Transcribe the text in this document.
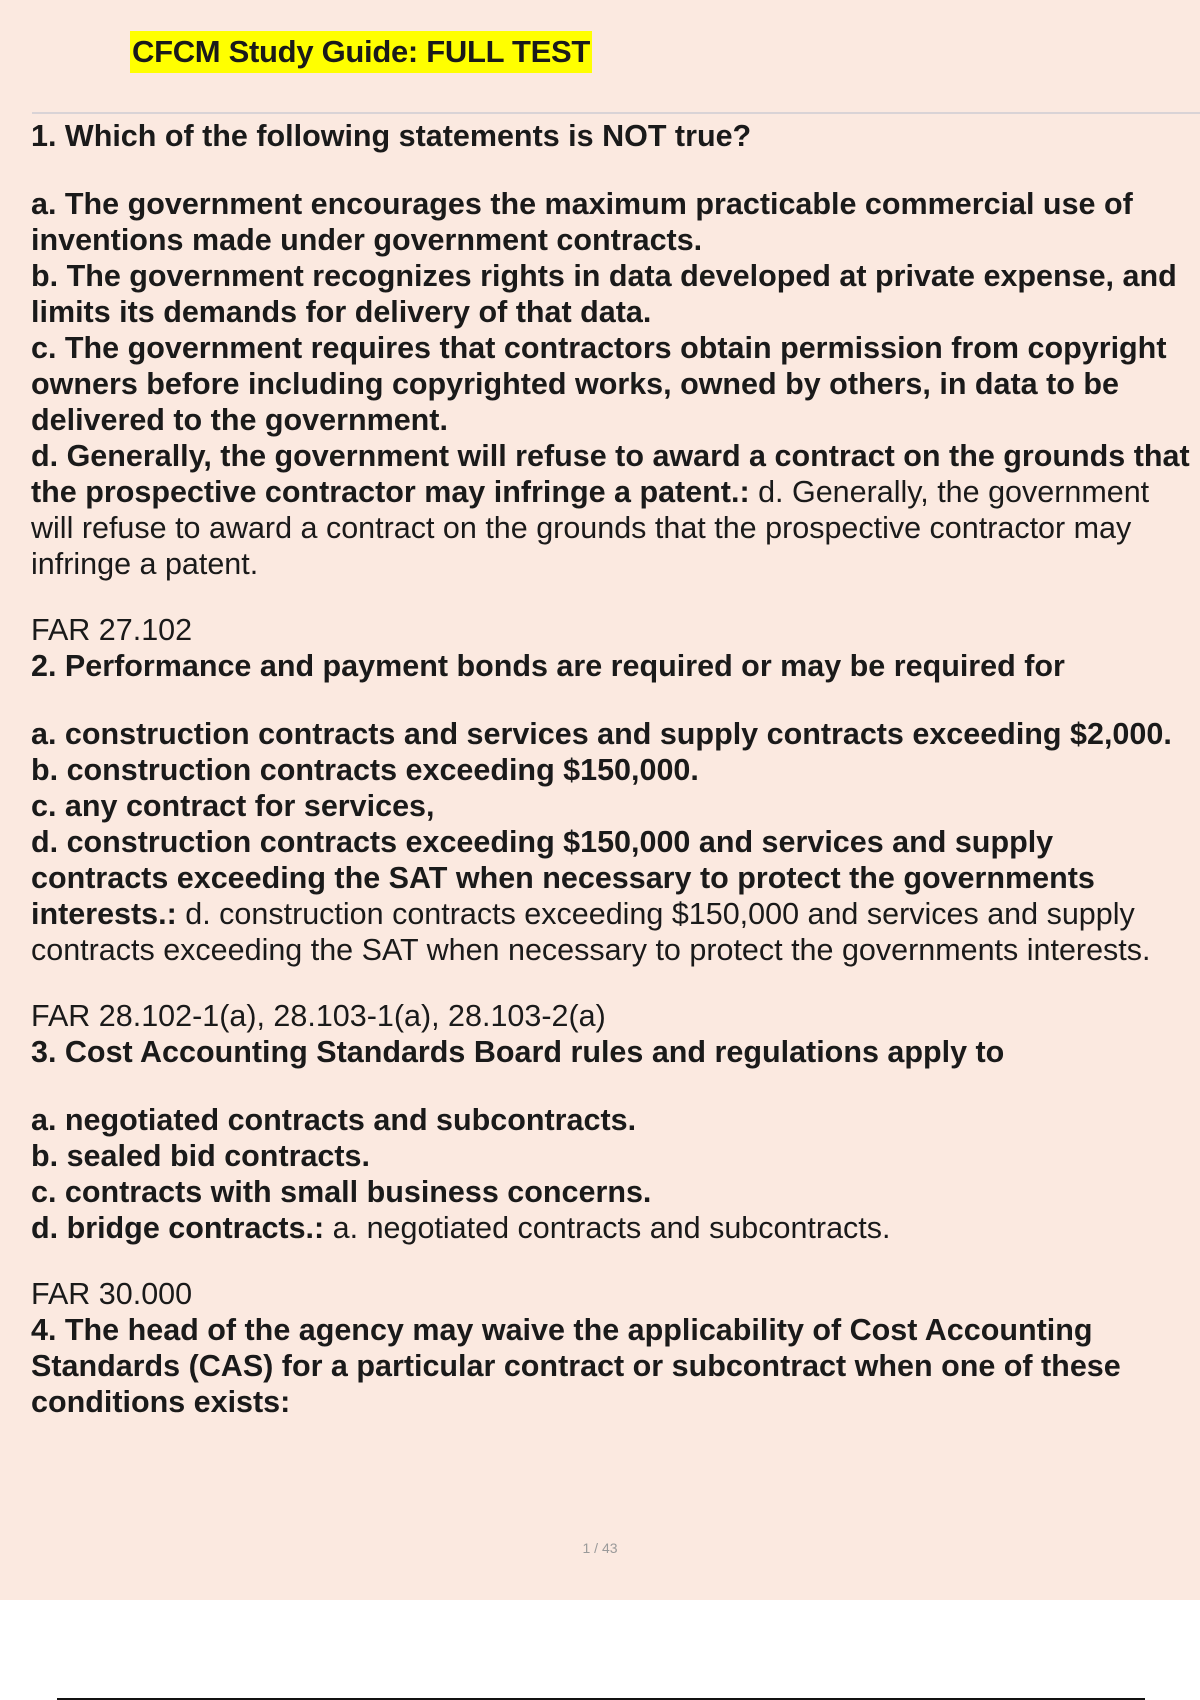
CFCM Study Guide: FULL TEST

1. Which of the following statements is NOT true?

a. The government encourages the maximum practicable commercial use of inventions made under government contracts.

b. The government recognizes rights in data developed at private expense, and limits its demands for delivery of that data.

c. The government requires that contractors obtain permission from copyright owners before including copyrighted works, owned by others, in data to be delivered to the government.

d. Generally, the government will refuse to award a contract on the grounds that the prospective contractor may infringe a patent.: d. Generally, the government will refuse to award a contract on the grounds that the prospective contractor may infringe a patent.

FAR 27.102

2. Performance and payment bonds are required or may be required for

a. construction contracts and services and supply contracts exceeding $2,000.

b. construction contracts exceeding $150,000.

c. any contract for services,

d. construction contracts exceeding $150,000 and services and supply contracts exceeding the SAT when necessary to protect the governments interests.: d. construction contracts exceeding $150,000 and services and supply contracts exceeding the SAT when necessary to protect the governments interests.

FAR 28.102-1(a), 28.103-1(a), 28.103-2(a)

3. Cost Accounting Standards Board rules and regulations apply to

a. negotiated contracts and subcontracts.

b. sealed bid contracts.

c. contracts with small business concerns.

d. bridge contracts.: a. negotiated contracts and subcontracts.

FAR 30.000

4. The head of the agency may waive the applicability of Cost Accounting Standards (CAS) for a particular contract or subcontract when one of these conditions exists:

1 / 43
